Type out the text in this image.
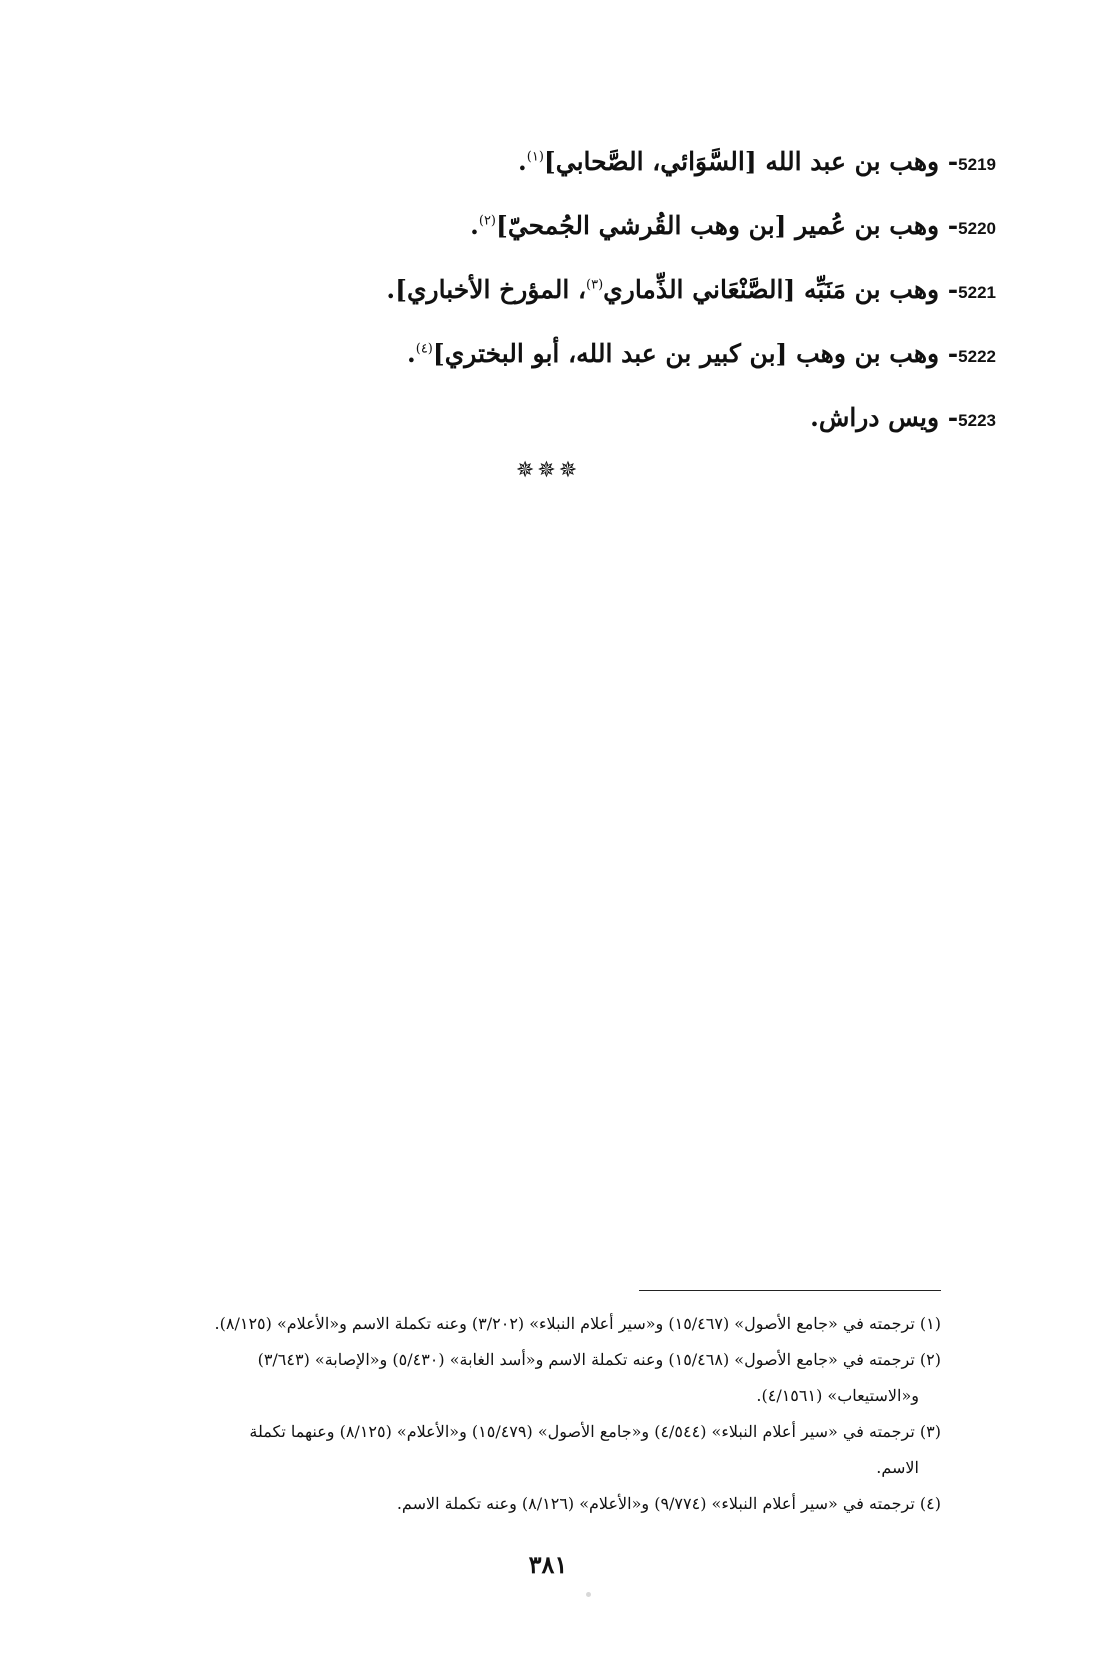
5219- وهب بن عبد الله [السَّوَائي، الصَّحابي]$^{(١)}$.
5220- وهب بن عُمير [بن وهب القُرشي الجُمحيّ]$^{(٢)}$.
5221- وهب بن مَنَبِّه [الصَّنْعَاني الذِّماري$^{(٣)}$، المؤرخ الأخباري].
5222- وهب بن وهب [بن كبير بن عبد الله، أبو البختري]$^{(٤)}$.
5223- ويس دراش.
✵✵✵

(١) ترجمته في «جامع الأصول» (١٥/٤٦٧) و«سير أعلام النبلاء» (٣/٢٠٢) وعنه تكملة الاسم و«الأعلام» (٨/١٢٥).

(٢) ترجمته في «جامع الأصول» (١٥/٤٦٨) وعنه تكملة الاسم و«أسد الغابة» (٥/٤٣٠) و«الإصابة» (٣/٦٤٣)

و«الاستيعاب» (٤/١٥٦١).

(٣) ترجمته في «سير أعلام النبلاء» (٤/٥٤٤) و«جامع الأصول» (١٥/٤٧٩) و«الأعلام» (٨/١٢٥) وعنهما تكملة

الاسم.

(٤) ترجمته في «سير أعلام النبلاء» (٩/٧٧٤) و«الأعلام» (٨/١٢٦) وعنه تكملة الاسم.

٣٨١
